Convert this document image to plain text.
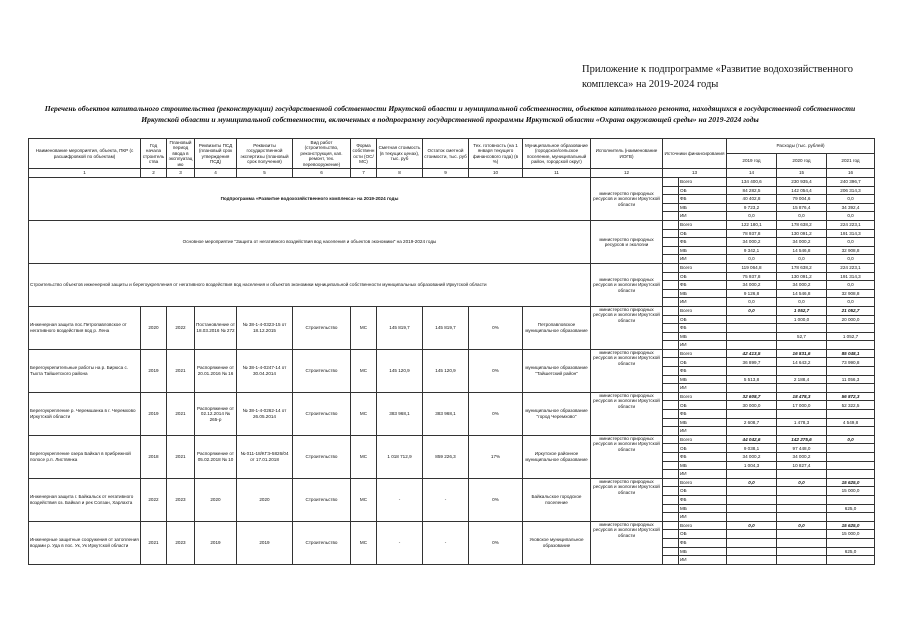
Приложение к подпрограмме «Развитие водохозяйственного комплекса» на 2019-2024 годы
Перечень объектов капитального строительства (реконструкции) государственной собственности Иркутской области и муниципальной собственности, объектов капитального ремонта, находящихся в государственной собственности Иркутской области и муниципальной собственности, включенных в подпрограмму государственной программы Иркутской области «Охрана окружающей среды» на 2019-2024 годы
Наименование мероприятия, объекта, ПКР (с расшифровкой по объектам)	Год начала строительства	Плановый период ввода в эксплуатацию	Реквизиты ПСД (плановый срок утверждения ПСД)	Реквизиты государственной экспертизы (плановый срок получения)	Вид работ (строительство, реконструкция, кап. ремонт, тех. перевооружение)	Форма собственности (ОС/МС)	Сметная стоимость (в текущих ценах), тыс. руб	Остаток сметной стоимости, тыс. руб	Тех. готовность (на 1 января текущего финансового года) (в %)	Муниципальное образование (городское/сельское поселение, муниципальный район, городской округ)	Исполнитель (наименование ИОГВ)	Источники финансирования		Расходы (тыс. рублей)		
														2019 год	2020 год	2021 год
1	2	3	4	5	6	7	8	9	10	11	12	13		14	15	16
Подпрограмма «Развитие водохозяйственного комплекса» на 2019-2024 годы											министерство природных ресурсов и экологии Иркутской области		Всего	134 400,6	230 935,4	240 396,7
													ОБ	84 282,5	142 054,4	206 314,3
													ФБ	40 402,8	79 004,6	0,0
													МБ	9 723,2	15 876,4	34 392,4
													ИИ	0,0	0,0	0,0
Основное мероприятие "Защита от негативного воздействия вод населения и объектов экономики" на 2019-2024 годы											министерство природных ресурсов и экологии		Всего	122 180,1	178 638,2	224 223,1
													ОБ	78 937,8	130 091,2	191 314,3
													ФБ	34 000,2	34 000,2	0,0
													МБ	9 342,1	14 546,8	32 908,8
													ИИ	0,0	0,0	0,0
Строительство объектов инженерной защиты и берегоукрепления от негативного воздействия вод населения и объектов экономики муниципальной собственности муниципальных образований Иркутской области											министерство природных ресурсов и экологии Иркутской области		Всего	119 064,8	178 638,2	224 223,1
													ОБ	75 937,8	130 091,2	191 314,3
													ФБ	34 000,2	34 000,2	0,0
													МБ	9 126,8	14 546,8	32 908,8
													ИИ	0,0	0,0	0,0
Инженерная защита пос.Петропавловское от негативного воздействия вод р. Лена	2020	2022	Постановление от 18.03.2016 № 272	№ 38-1-4-0323-15 от 18.12.2015	Строительство	МС	145 819,7	145 819,7	0%	Петропавловское муниципальное образование	министерство природных ресурсов и экологии Иркутской области		Всего	0,0	1 052,7	21 052,7
													ОБ		1 000,0	20 000,0
													ФБ			
													МБ		52,7	1 052,7
													ИИ			
Берегоукрепительные работы на р. Бирюса с. Тыхта Тайшетского района	2019	2021	Распоряжение от 20.01.2016 № 16	№ 38-1-4-0247-14 от 30.04.2014	Строительство	МС	145 120,9	145 120,9	0%	муниципальное образование "Тайшетский район"	министерство природных ресурсов и экологии Иркутской области		Всего	42 413,5	16 831,6	85 048,1
													ОБ	36 899,7	14 643,2	73 990,8
													ФБ			
													МБ	5 513,8	2 188,4	11 056,3
													ИИ			
Берегоукрепление р. Черемшанка в г. Черемхово Иркутской области	2019	2021	Распоряжение от 02.12.2014 № 265-р	№ 38-1-4-0262-14 от 26.05.2014	Строительство	МС	383 968,1	383 968,1	0%	муниципальное образование "город Черемхово"	министерство природных ресурсов и экологии Иркутской области		Всего	32 608,7	18 478,3	56 872,3
													ОБ	30 000,0	17 000,0	52 322,5
													ФБ			
													МБ	2 608,7	1 478,3	4 549,8
													ИИ			
Берегоукрепление озера Байкал в прибрежной полосе р.п. Листвянка	2018	2021	Распоряжение от 05.02.2018 № 10	№ 011-18/КГЭ-5826/04 от 17.01.2018	Строительство	МС	1 018 712,9	859 226,3	17%	Иркутское районное муниципальное образование	министерство природных ресурсов и экологии Иркутской области		Всего	44 042,6	142 275,6	0,0
													ОБ	9 038,1	97 448,0	
													ФБ	34 000,2	34 000,2	
													МБ	1 004,3	10 827,4	
													ИИ			
Инженерная защита г. Байкальск от негативного воздействия оз. Байкал и рек Солзан, Харлахта	2022	2023	2020	2020	Строительство	МС	-	-	0%	Байкальское городское поселение	министерство природных ресурсов и экологии Иркутской области		Всего	0,0	0,0	15 625,0
													ОБ			15 000,0
													ФБ			
													МБ			625,0
													ИИ			
Инженерные защитные сооружения от затопления водами р. Уда в пос. Ук, Ук Иркутской области	2021	2023	2019	2019	Строительство	МС	-	-	0%	Уковское муниципальное образование	министерство природных ресурсов и экологии Иркутской области		Всего	0,0	0,0	15 625,0
													ОБ			15 000,0
													ФБ			
													МБ			625,0
													ИИ			
